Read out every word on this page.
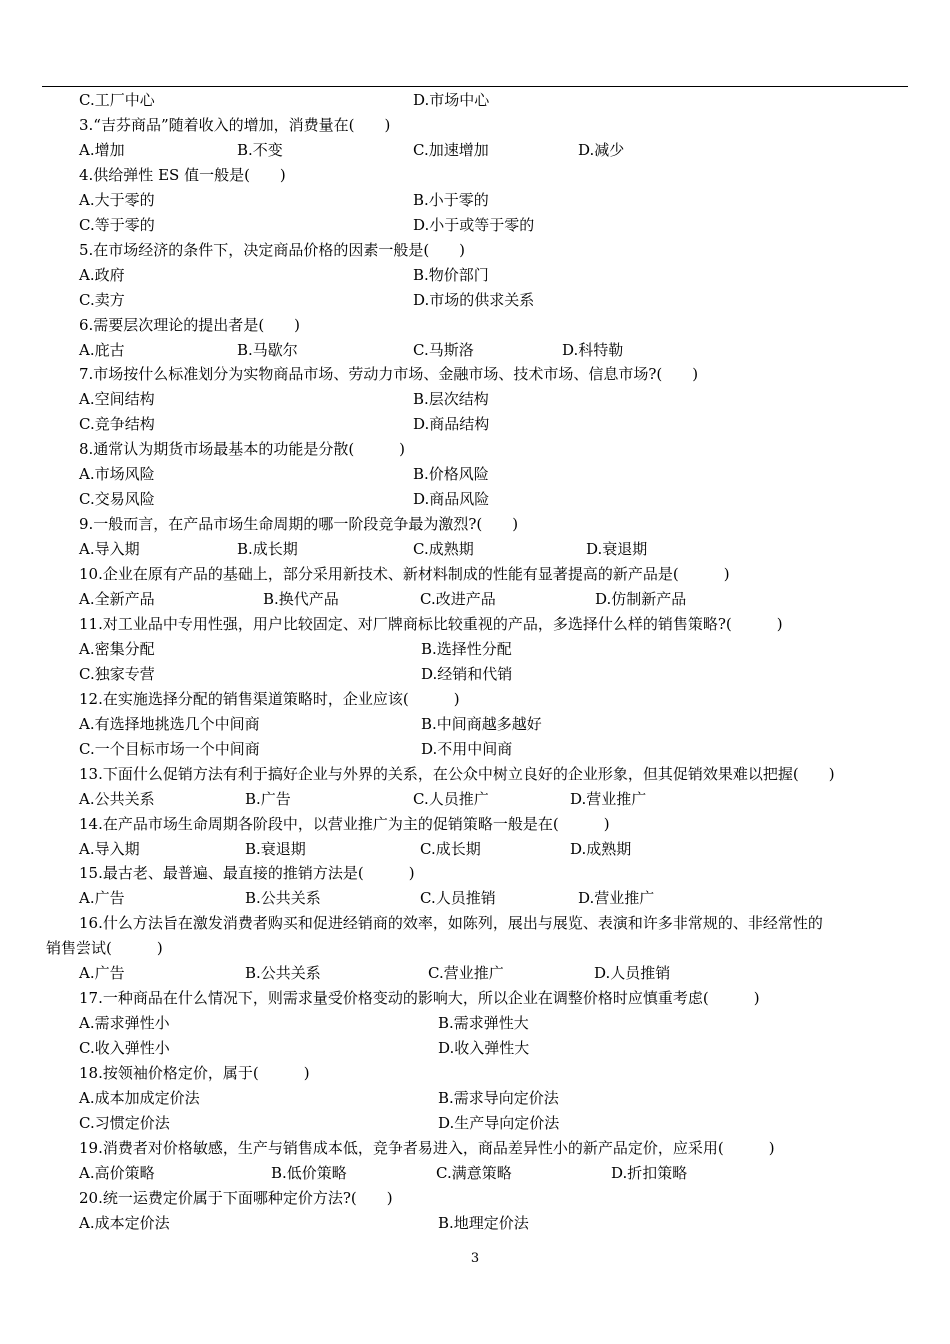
C.工厂中心	D.市场中心
3.“吉芬商品”随着收入的增加，消费量在(　　)
A.增加	B.不变	C.加速增加	D.减少
4.供给弹性 ES 值一般是(　　)
A.大于零的	B.小于零的
C.等于零的	D.小于或等于零的
5.在市场经济的条件下，决定商品价格的因素一般是(　　)
A.政府	B.物价部门
C.卖方	D.市场的供求关系
6.需要层次理论的提出者是(　　)
A.庇古	B.马歇尔	C.马斯洛	D.科特勒
7.市场按什么标准划分为实物商品市场、劳动力市场、金融市场、技术市场、信息市场?(　　)
A.空间结构	B.层次结构
C.竞争结构	D.商品结构
8.通常认为期货市场最基本的功能是分散(　　　)
A.市场风险	B.价格风险
C.交易风险	D.商品风险
9.一般而言，在产品市场生命周期的哪一阶段竞争最为激烈?(　　)
A.导入期	B.成长期	C.成熟期	D.衰退期
10.企业在原有产品的基础上，部分采用新技术、新材料制成的性能有显著提高的新产品是(　　　)
A.全新产品	B.换代产品	C.改进产品	D.仿制新产品
11.对工业品中专用性强，用户比较固定、对厂牌商标比较重视的产品，多选择什么样的销售策略?(　　　)
A.密集分配	B.选择性分配
C.独家专营	D.经销和代销
12.在实施选择分配的销售渠道策略时，企业应该(　　　)
A.有选择地挑选几个中间商	B.中间商越多越好
C.一个目标市场一个中间商	D.不用中间商
13.下面什么促销方法有利于搞好企业与外界的关系，在公众中树立良好的企业形象，但其促销效果难以把握(　　)
A.公共关系	B.广告	C.人员推广	D.营业推广
14.在产品市场生命周期各阶段中，以营业推广为主的促销策略一般是在(　　　)
A.导入期	B.衰退期	C.成长期	D.成熟期
15.最古老、最普遍、最直接的推销方法是(　　　)
A.广告	B.公共关系	C.人员推销	D.营业推广
16.什么方法旨在激发消费者购买和促进经销商的效率，如陈列，展出与展览、表演和许多非常规的、非经常性的
销售尝试(　　　)
A.广告	B.公共关系	C.营业推广	D.人员推销
17.一种商品在什么情况下，则需求量受价格变动的影响大，所以企业在调整价格时应慎重考虑(　　　)
A.需求弹性小	B.需求弹性大
C.收入弹性小	D.收入弹性大
18.按领袖价格定价，属于(　　　)
A.成本加成定价法	B.需求导向定价法
C.习惯定价法	D.生产导向定价法
19.消费者对价格敏感，生产与销售成本低，竞争者易进入，商品差异性小的新产品定价，应采用(　　　)
A.高价策略	B.低价策略	C.满意策略	D.折扣策略
20.统一运费定价属于下面哪种定价方法?(　　)
A.成本定价法	B.地理定价法
3
